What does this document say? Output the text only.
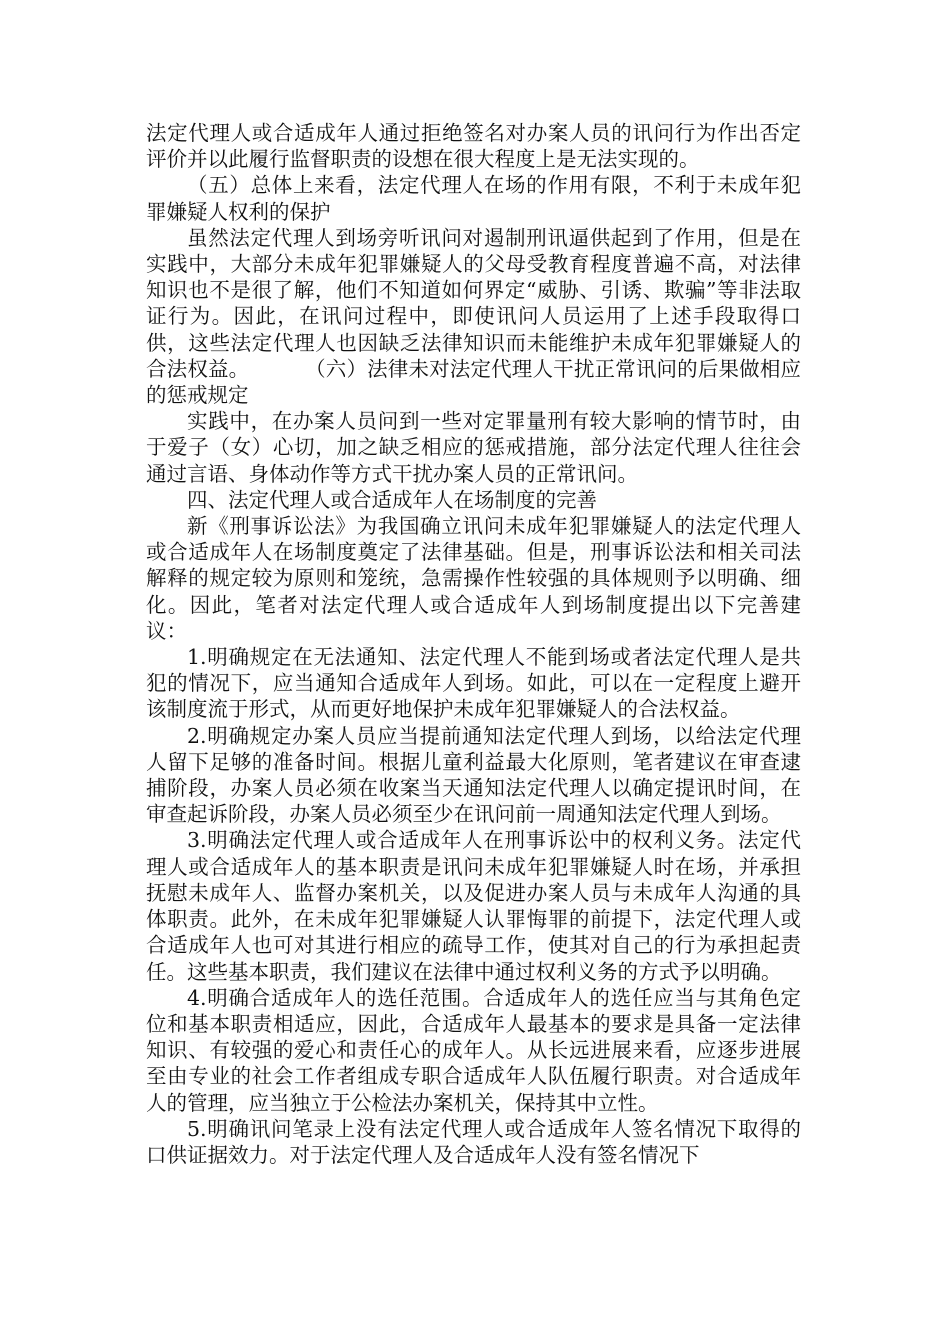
法定代理人或合适成年人通过拒绝签名对办案人员的讯问行为作出否定评价并以此履行监督职责的设想在很大程度上是无法实现的。

（五）总体上来看，法定代理人在场的作用有限，不利于未成年犯罪嫌疑人权利的保护

虽然法定代理人到场旁听讯问对遏制刑讯逼供起到了作用，但是在实践中，大部分未成年犯罪嫌疑人的父母受教育程度普遍不高，对法律知识也不是很了解，他们不知道如何界定“威胁、引诱、欺骗”等非法取证行为。因此，在讯问过程中，即使讯问人员运用了上述手段取得口供，这些法定代理人也因缺乏法律知识而未能维护未成年犯罪嫌疑人的合法权益。	（六）法律未对法定代理人干扰正常讯问的后果做相应的惩戒规定

实践中，在办案人员问到一些对定罪量刑有较大影响的情节时，由于爱子（女）心切，加之缺乏相应的惩戒措施，部分法定代理人往往会通过言语、身体动作等方式干扰办案人员的正常讯问。

四、法定代理人或合适成年人在场制度的完善

新《刑事诉讼法》为我国确立讯问未成年犯罪嫌疑人的法定代理人或合适成年人在场制度奠定了法律基础。但是，刑事诉讼法和相关司法解释的规定较为原则和笼统，急需操作性较强的具体规则予以明确、细化。因此，笔者对法定代理人或合适成年人到场制度提出以下完善建议：

1.明确规定在无法通知、法定代理人不能到场或者法定代理人是共犯的情况下，应当通知合适成年人到场。如此，可以在一定程度上避开该制度流于形式，从而更好地保护未成年犯罪嫌疑人的合法权益。

2.明确规定办案人员应当提前通知法定代理人到场，以给法定代理人留下足够的准备时间。根据儿童利益最大化原则，笔者建议在审查逮捕阶段，办案人员必须在收案当天通知法定代理人以确定提讯时间，在审查起诉阶段，办案人员必须至少在讯问前一周通知法定代理人到场。

3.明确法定代理人或合适成年人在刑事诉讼中的权利义务。法定代理人或合适成年人的基本职责是讯问未成年犯罪嫌疑人时在场，并承担抚慰未成年人、监督办案机关，以及促进办案人员与未成年人沟通的具体职责。此外，在未成年犯罪嫌疑人认罪悔罪的前提下，法定代理人或合适成年人也可对其进行相应的疏导工作，使其对自己的行为承担起责任。这些基本职责，我们建议在法律中通过权利义务的方式予以明确。

4.明确合适成年人的选任范围。合适成年人的选任应当与其角色定位和基本职责相适应，因此，合适成年人最基本的要求是具备一定法律知识、有较强的爱心和责任心的成年人。从长远进展来看，应逐步进展至由专业的社会工作者组成专职合适成年人队伍履行职责。对合适成年人的管理，应当独立于公检法办案机关，保持其中立性。

5.明确讯问笔录上没有法定代理人或合适成年人签名情况下取得的口供证据效力。对于法定代理人及合适成年人没有签名情况下
